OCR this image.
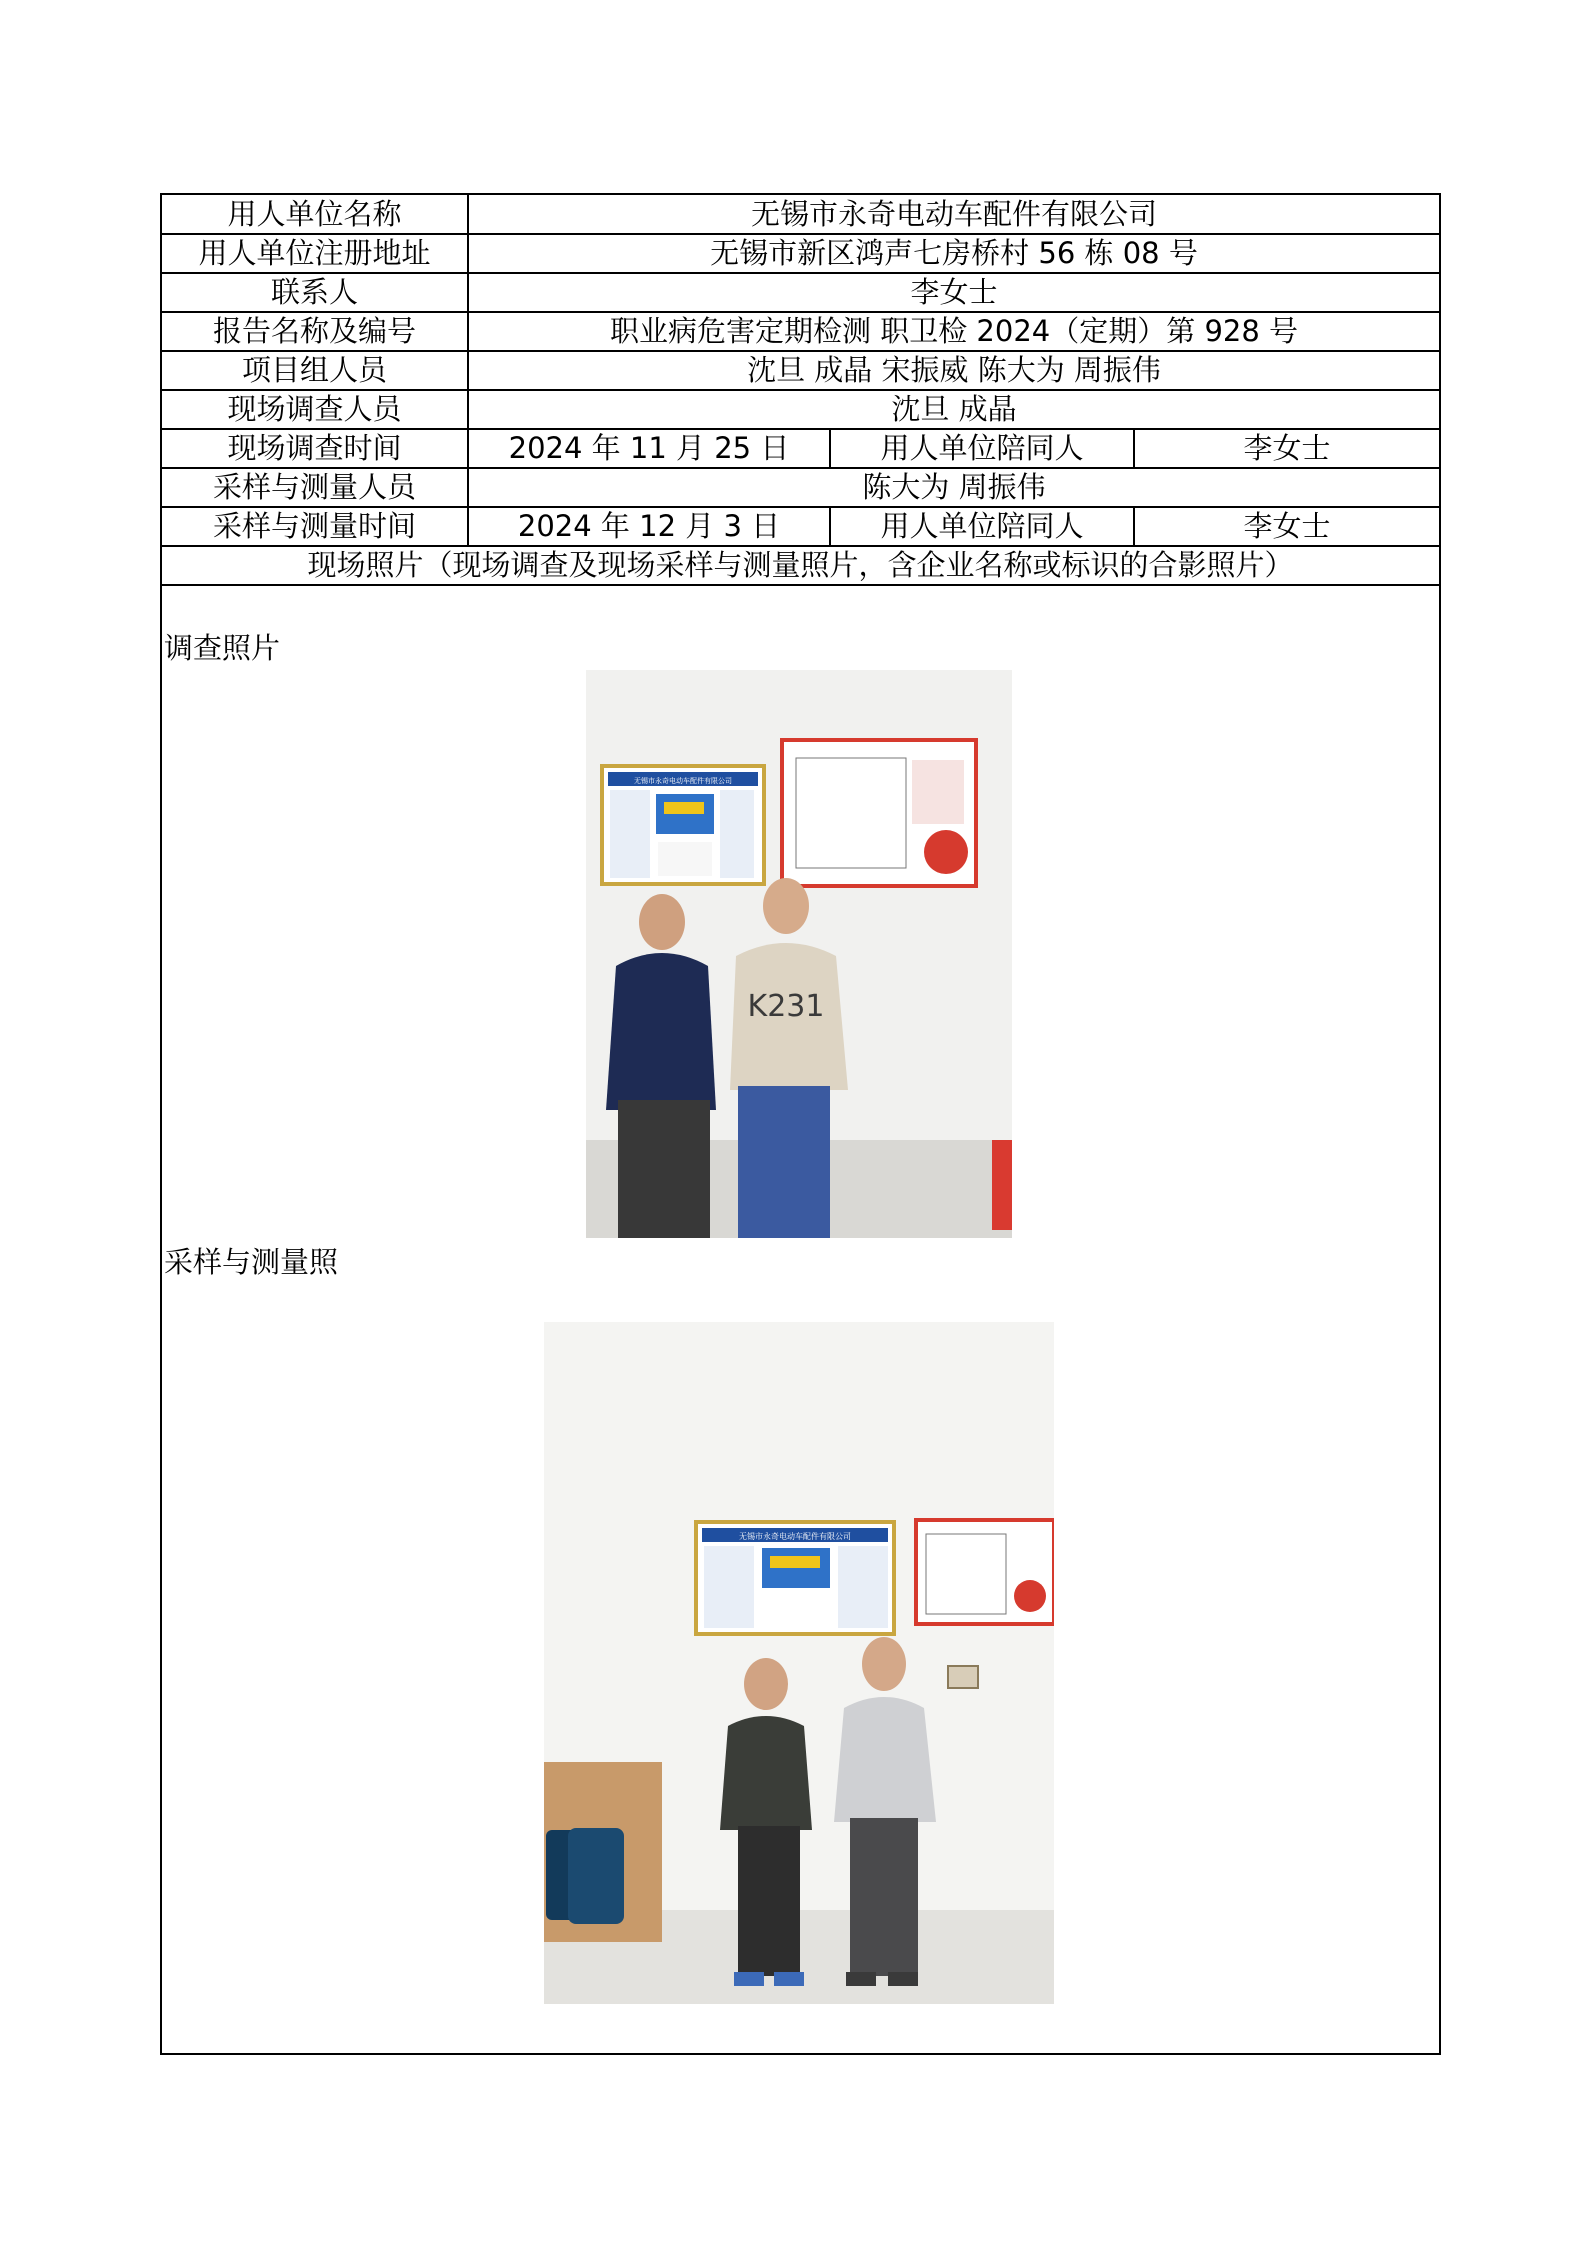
用人单位名称	无锡市永奇电动车配件有限公司		
用人单位注册地址	无锡市新区鸿声七房桥村 56 栋 08 号		
联系人	李女士		
报告名称及编号	职业病危害定期检测 职卫检 2024（定期）第 928 号		
项目组人员	沈旦 成晶 宋振威 陈大为 周振伟		
现场调查人员	沈旦 成晶		
现场调查时间	2024 年 11 月 25 日	用人单位陪同人	李女士
采样与测量人员	陈大为 周振伟		
采样与测量时间	2024 年 12 月 3 日	用人单位陪同人	李女士
现场照片（现场调查及现场采样与测量照片，含企业名称或标识的合影照片）			
调查照片
无锡市永奇电动车配件有限公司
K231
采样与测量照
无锡市永奇电动车配件有限公司
